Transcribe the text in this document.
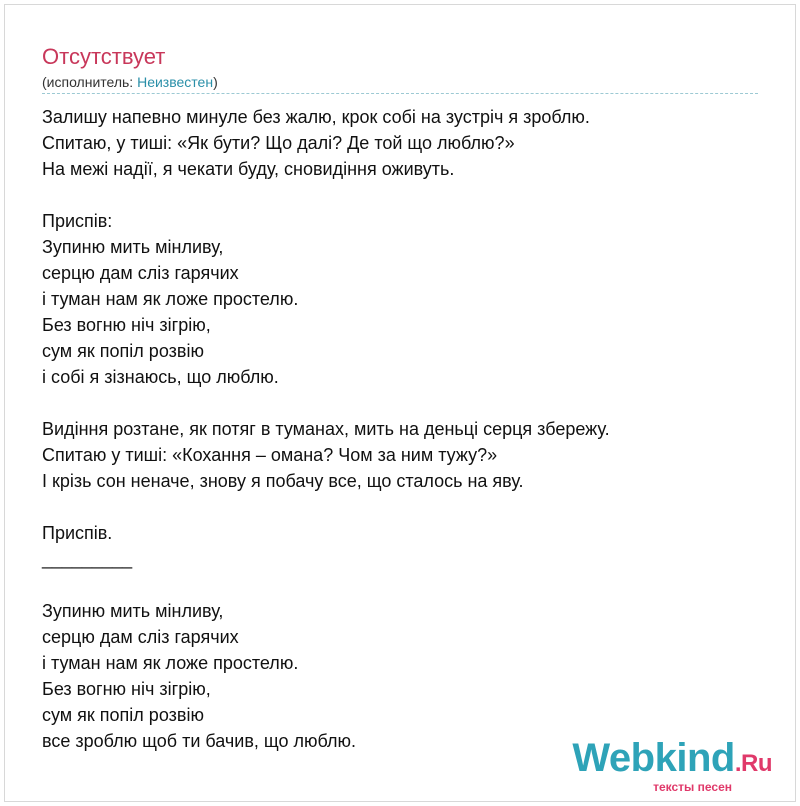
Отсутствует
(исполнитель: Неизвестен)
Залишу напевно минуле без жалю, крок собі на зустріч я зроблю.
Спитаю, у тиші: «Як бути? Що далі? Де той що люблю?»
На межі надії, я чекати буду, сновидіння оживуть.
Приспів:
Зупиню мить мінливу,
серцю дам сліз гарячих
і туман нам як ложе простелю.
Без вогню ніч зігрію,
сум як попіл розвію
і собі я зізнаюсь, що люблю.
Видіння розтане, як потяг в туманах, мить на деньці серця збережу.
Спитаю у тиші: «Кохання – омана? Чом за ним тужу?»
І крізь сон неначе, знову я побачу все, що сталось на яву.
Приспів.
_________
Зупиню мить мінливу,
серцю дам сліз гарячих
і туман нам як ложе простелю.
Без вогню ніч зігрію,
сум як попіл розвію
все зроблю щоб ти бачив, що люблю.	Webkind.Ru
тексты песен
